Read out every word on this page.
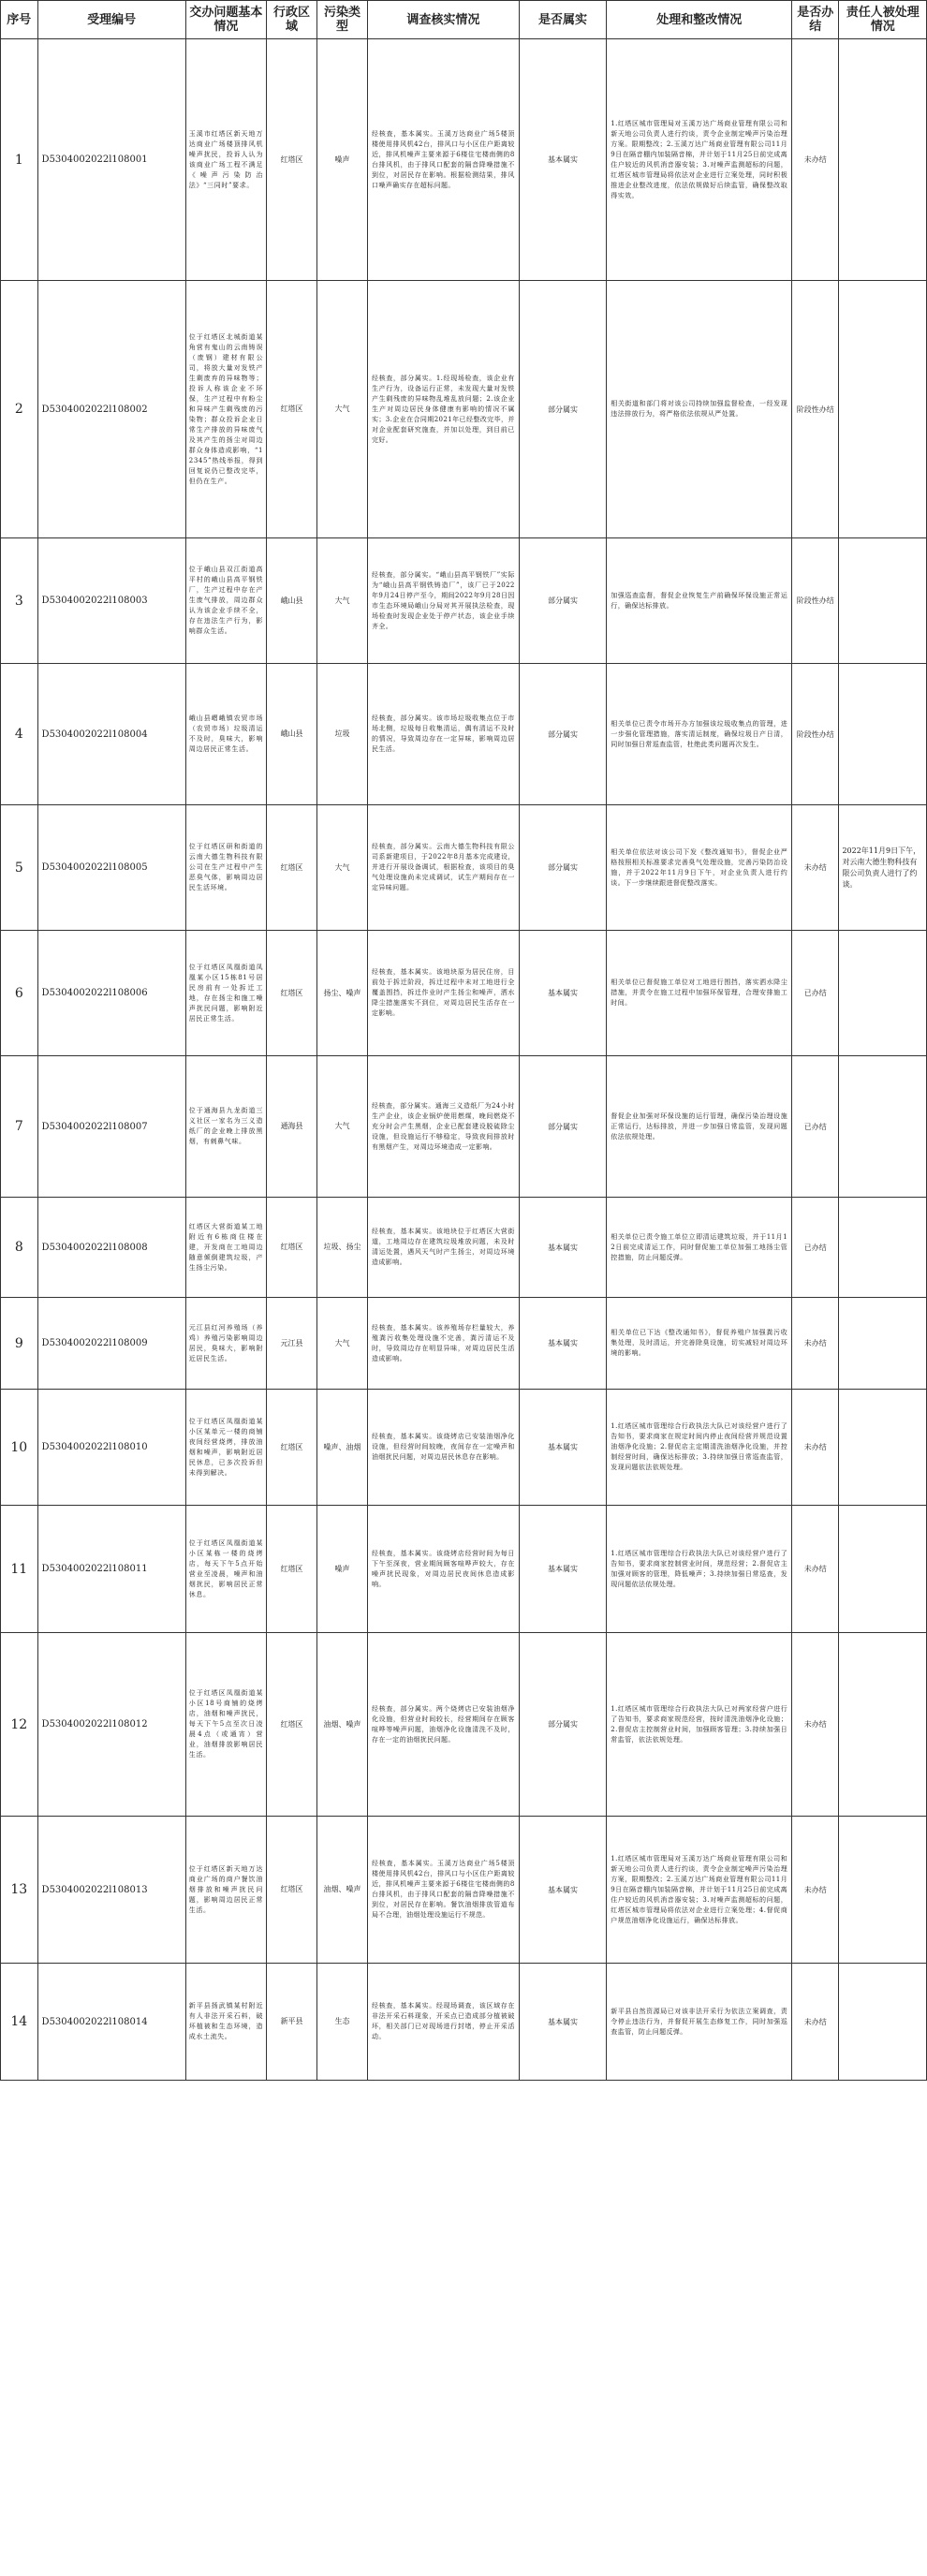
序号	受理编号	交办问题基本情况	行政区域	污染类型	调查核实情况	是否属实	处理和整改情况	是否办结	责任人被处理情况
1	D5304002022l108001	玉溪市红塔区新天地万达商业广场楼顶排风机噪声扰民，投诉人认为该商业广场工程不满足《噪声污染防治法》“三同时”要求。	红塔区	噪声	经核查，基本属实。玉溪万达商业广场5楼顶楼使用排风机42台，排风口与小区住户距离较近，排风机噪声主要来源于6楼住宅楼南侧的8台排风机，由于排风口配套的隔音降噪措施不到位，对居民存在影响。根据检测结果，排风口噪声确实存在超标问题。	基本属实	1.红塔区城市管理局对玉溪万达广场商业管理有限公司和新天地公司负责人进行约谈，责令企业制定噪声污染治理方案。限期整改；2.玉溪万达广场商业管理有限公司11月9日在隔音棚内加装隔音棉，并计划于11月25日前完成离住户较近的风机消音器安装；3.对噪声监测超标的问题，红塔区城市管理局将依法对企业进行立案处理，同时积极推进企业整改进度，依法依规做好后续监管，确保整改取得实效。	未办结	
2	D5304002022l108002	位于红塔区北城街道某角营有鬼山的云南铸误（废钢）建材有限公司，将放大量对发铁产生剩废弃的异味物等；投诉人称该企业不环保，生产过程中有粉尘和异味产生剩残废的污染物；群众投诉企业日常生产排放的异味废气及其产生的扬尘对周边群众身体造成影响，“12345”热线举报，得到回复说仍已整改完毕，但仍在生产。	红塔区	大气	经核查，部分属实。1.经现场检查，该企业有生产行为，设备运行正常，未发现大量对发铁产生剩残废的异味物乱堆乱放问题；2.该企业生产对周边居民身体健康有影响的情况不属实；3.企业在合同期2021年已经整改完毕，并对企业配套研究施查，并加以处理，到目前已完好。	部分属实	相关街道和部门将对该公司持续加强监督检查，一经发现违法排放行为，将严格依法依规从严处置。	阶段性办结	
3	D5304002022l108003	位于峨山县双江街道高平村的峨山县高平钢铁厂，生产过程中存在产生废气排放，周边群众认为该企业手续不全，存在违法生产行为，影响群众生活。	峨山县	大气	经核查，部分属实。“峨山县高平钢铁厂”实际为“峨山县高平钢铁铸造厂”，该厂已于2022年9月24日停产至今，期间2022年9月28日因市生态环境局峨山分局对其开展执法检查，现场检查时发现企业处于停产状态，该企业手续齐全。	部分属实	加强巡查监督，督促企业恢复生产前确保环保设施正常运行，确保达标排放。	阶段性办结	
4	D5304002022l108004	峨山县嶍峨镇农贸市场（农贸市场）垃圾清运不及时，臭味大，影响周边居民正常生活。	峨山县	垃圾	经核查，部分属实。该市场垃圾收集点位于市场北侧，垃圾每日收集清运，偶有清运不及时的情况，导致周边存在一定异味，影响周边居民生活。	部分属实	相关单位已责令市场开办方加强该垃圾收集点的管理，进一步强化管理措施，落实清运制度，确保垃圾日产日清，同时加强日常巡查监管，杜绝此类问题再次发生。	阶段性办结	
5	D5304002022l108005	位于红塔区研和街道的云南大德生物科技有限公司在生产过程中产生恶臭气体，影响周边居民生活环境。	红塔区	大气	经核查，部分属实。云南大德生物科技有限公司系新建项目，于2022年8月基本完成建设，并进行开展设备调试，根据检查，该项目的臭气处理设施尚未完成调试，试生产期间存在一定异味问题。	部分属实	相关单位依法对该公司下发《整改通知书》，督促企业严格按照相关标准要求完善臭气处理设施，完善污染防治设施，并于2022年11月9日下午，对企业负责人进行约谈。下一步继续跟进督促整改落实。	未办结	2022年11月9日下午，对云南大德生物科技有限公司负责人进行了约谈。
6	D5304002022l108006	位于红塔区凤凰街道凤凰某小区15栋81号居民房前有一处拆迁工地，存在扬尘和施工噪声扰民问题，影响附近居民正常生活。	红塔区	扬尘、噪声	经核查，基本属实。该地块原为居民住房，目前处于拆迁阶段，拆迁过程中未对工地进行全覆盖围挡，拆迁作业时产生扬尘和噪声，洒水降尘措施落实不到位，对周边居民生活存在一定影响。	基本属实	相关单位已督促施工单位对工地进行围挡，落实洒水降尘措施，并责令在施工过程中加强环保管理，合理安排施工时间。	已办结	
7	D5304002022l108007	位于通海县九龙街道三义社区一家名为三义造纸厂的企业晚上排放黑烟，有刺鼻气味。	通海县	大气	经核查，部分属实。通海三义造纸厂为24小时生产企业，该企业锅炉使用燃煤，晚间燃烧不充分时会产生黑烟，企业已配套建设脱硫除尘设施，但设施运行不够稳定，导致夜间排放时有黑烟产生，对周边环境造成一定影响。	部分属实	督促企业加强对环保设施的运行管理，确保污染治理设施正常运行，达标排放，并进一步加强日常监管，发现问题依法依规处理。	已办结	
8	D5304002022l108008	红塔区大营街道某工地附近有6栋商住楼在建，开发商在工地周边随意倾倒建筑垃圾，产生扬尘污染。	红塔区	垃圾、扬尘	经核查，基本属实。该地块位于红塔区大营街道，工地周边存在建筑垃圾堆放问题，未及时清运处置，遇风天气时产生扬尘，对周边环境造成影响。	基本属实	相关单位已责令施工单位立即清运建筑垃圾，并于11月12日前完成清运工作，同时督促施工单位加强工地扬尘管控措施，防止问题反弹。	已办结	
9	D5304002022l108009	元江县红河养殖场（养鸡）养殖污染影响周边居民，臭味大，影响附近居民生活。	元江县	大气	经核查，基本属实。该养殖场存栏量较大，养殖粪污收集处理设施不完善，粪污清运不及时，导致周边存在明显异味，对周边居民生活造成影响。	基本属实	相关单位已下达《整改通知书》，督促养殖户加强粪污收集处理，及时清运，并完善除臭设施，切实减轻对周边环境的影响。	未办结	
10	D5304002022l108010	位于红塔区凤凰街道某小区某单元一楼的商铺夜间经营烧烤，排放油烟和噪声，影响附近居民休息，已多次投诉但未得到解决。	红塔区	噪声、油烟	经核查，基本属实。该烧烤店已安装油烟净化设施，但经营时间较晚，夜间存在一定噪声和油烟扰民问题，对周边居民休息存在影响。	基本属实	1.红塔区城市管理综合行政执法大队已对该经营户进行了告知书，要求商家在规定时间内停止夜间经营并规范设置油烟净化设施；2.督促店主定期清洗油烟净化设施，并控制经营时间，确保达标排放；3.持续加强日常巡查监管，发现问题依法依规处理。	未办结	
11	D5304002022l108011	位于红塔区凤凰街道某小区某栋一楼的烧烤店，每天下午5点开始营业至凌晨，噪声和油烟扰民，影响居民正常休息。	红塔区	噪声	经核查，基本属实。该烧烤店经营时间为每日下午至深夜，营业期间顾客喧哗声较大，存在噪声扰民现象，对周边居民夜间休息造成影响。	基本属实	1.红塔区城市管理综合行政执法大队已对该经营户进行了告知书，要求商家控制营业时间，规范经营；2.督促店主加强对顾客的管理，降低噪声；3.持续加强日常巡查，发现问题依法依规处理。	未办结	
12	D5304002022l108012	位于红塔区凤凰街道某小区18号商铺的烧烤店，油烟和噪声扰民，每天下午5点至次日凌晨4点（或通宵）营业，油烟排放影响居民生活。	红塔区	油烟、噪声	经核查，部分属实。两个烧烤店已安装油烟净化设施，但营业时间较长，经营期间存在顾客喧哗等噪声问题，油烟净化设施清洗不及时，存在一定的油烟扰民问题。	部分属实	1.红塔区城市管理综合行政执法大队已对两家经营户进行了告知书，要求商家规范经营，按时清洗油烟净化设施；2.督促店主控制营业时间，加强顾客管理；3.持续加强日常监管，依法依规处理。	未办结	
13	D5304002022l108013	位于红塔区新天地万达商业广场的商户餐饮油烟排放和噪声扰民问题，影响周边居民正常生活。	红塔区	油烟、噪声	经核查，基本属实。玉溪万达商业广场5楼顶楼使用排风机42台，排风口与小区住户距离较近，排风机噪声主要来源于6楼住宅楼南侧的8台排风机，由于排风口配套的隔音降噪措施不到位，对居民存在影响。餐饮油烟排放管道布局不合理，油烟处理设施运行不规范。	基本属实	1.红塔区城市管理局对玉溪万达广场商业管理有限公司和新天地公司负责人进行约谈，责令企业制定噪声污染治理方案，限期整改；2.玉溪万达广场商业管理有限公司11月9日在隔音棚内加装隔音棉，并计划于11月25日前完成离住户较近的风机消音器安装；3.对噪声监测超标的问题，红塔区城市管理局将依法对企业进行立案处理；4.督促商户规范油烟净化设施运行，确保达标排放。	未办结	
14	D5304002022l108014	新平县扬武镇某村附近有人非法开采石料，破坏植被和生态环境，造成水土流失。	新平县	生态	经核查，基本属实。经现场调查，该区域存在非法开采石料现象，开采点已造成部分植被破坏，相关部门已对现场进行封堵，停止开采活动。	基本属实	新平县自然资源局已对该非法开采行为依法立案调查，责令停止违法行为，并督促开展生态修复工作，同时加强巡查监管，防止问题反弹。	未办结	
